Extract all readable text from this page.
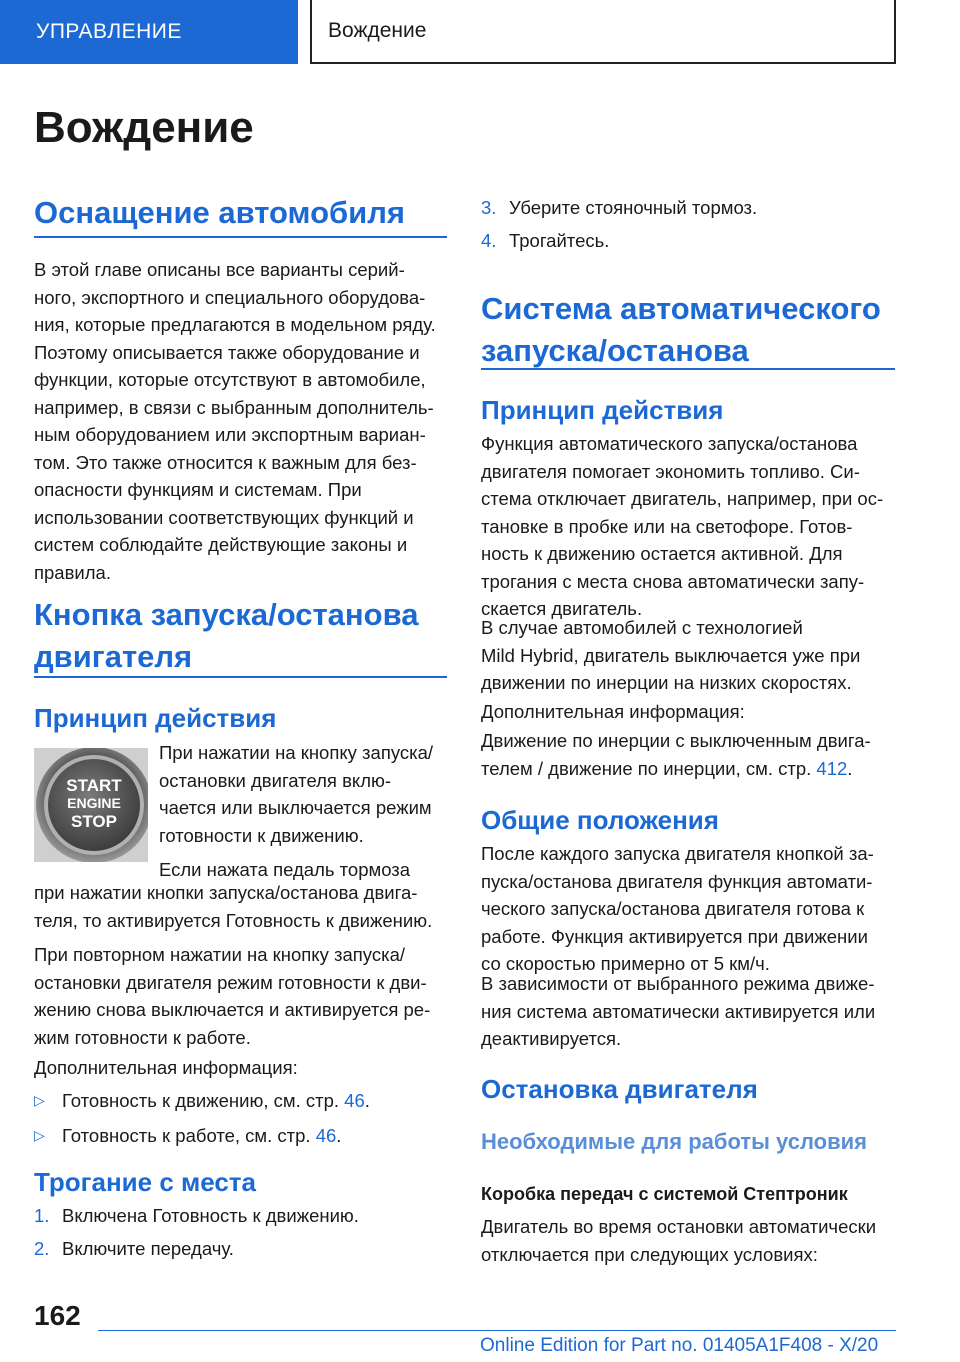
УПРАВЛЕНИЕ	Вождение
Вождение
Оснащение автомобиля

В этой главе описаны все варианты серий-

ного, экспортного и специального оборудова-

ния, которые предлагаются в модельном ряду.

Поэтому описывается также оборудование и

функции, которые отсутствуют в автомобиле,

например, в связи с выбранным дополнитель-

ным оборудованием или экспортным вариан-

том. Это также относится к важным для без-

опасности функциям и системам. При

использовании соответствующих функций и

систем соблюдайте действующие законы и

правила.

Кнопка запуска/останова
двигателя
Принцип действия
START
ENGINE
STOP

При нажатии на кнопку запуска/

остановки двигателя вклю-

чается или выключается режим

готовности к движению.

Если нажата педаль тормоза

при нажатии кнопки запуска/останова двига-

теля, то активируется Готовность к движению.

При повторном нажатии на кнопку запуска/

остановки двигателя режим готовности к дви-

жению снова выключается и активируется ре-

жим готовности к работе.

Дополнительная информация:

▷ Готовность к движению, см. стр. 46.
▷ Готовность к работе, см. стр. 46.
Трогание с места
1. Включена Готовность к движению.
2. Включите передачу.
3. Уберите стояночный тормоз.
4. Трогайтесь.
Система автоматического
запуска/останова
Принцип действия

Функция автоматического запуска/останова

двигателя помогает экономить топливо. Си-

стема отключает двигатель, например, при ос-

тановке в пробке или на светофоре. Готов-

ность к движению остается активной. Для

трогания с места снова автоматически запу-

скается двигатель.

В случае автомобилей с технологией

Mild Hybrid, двигатель выключается уже при

движении по инерции на низких скоростях.

Дополнительная информация:

Движение по инерции с выключенным двига-

телем / движение по инерции, см. стр. 412.

Общие положения

После каждого запуска двигателя кнопкой за-

пуска/останова двигателя функция автомати-

ческого запуска/останова двигателя готова к

работе. Функция активируется при движении

со скоростью примерно от 5 км/ч.

В зависимости от выбранного режима движе-

ния система автоматически активируется или

деактивируется.

Остановка двигателя
Необходимые для работы условия
Коробка передач с системой Стептроник

Двигатель во время остановки автоматически

отключается при следующих условиях:

162
Online Edition for Part no. 01405A1F408 - X/20
